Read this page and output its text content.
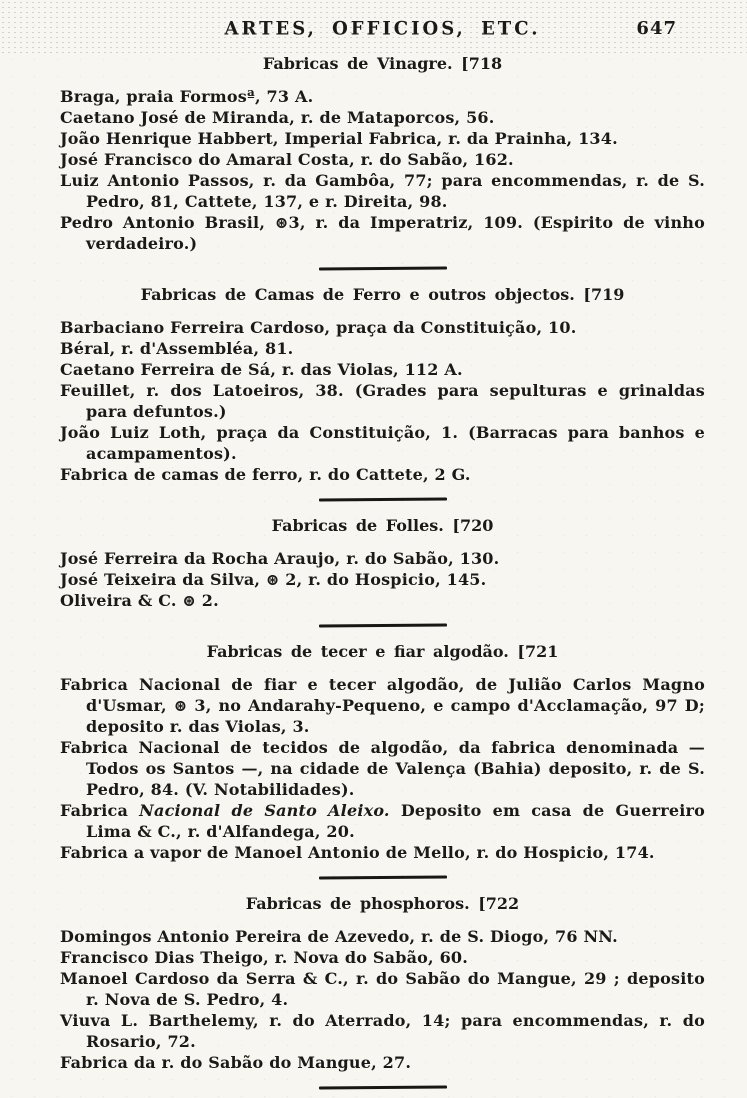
ARTES, OFFICIOS, ETC.	647
Fabricas de Vinagre. [718

Braga, praia Formosª, 73 A.

Caetano José de Miranda, r. de Mataporcos, 56.

João Henrique Habbert, Imperial Fabrica, r. da Prainha, 134.

José Francisco do Amaral Costa, r. do Sabão, 162.

Luiz Antonio Passos, r. da Gambôa, 77; para encommendas, r. de S. Pedro, 81, Cattete, 137, e r. Direita, 98.

Pedro Antonio Brasil, ⊛3, r. da Imperatriz, 109. (Espirito de vinho verdadeiro.)

Fabricas de Camas de Ferro e outros objectos. [719

Barbaciano Ferreira Cardoso, praça da Constituição, 10.

Béral, r. d'Assembléa, 81.

Caetano Ferreira de Sá, r. das Violas, 112 A.

Feuillet, r. dos Latoeiros, 38. (Grades para sepulturas e grinaldas para defuntos.)

João Luiz Loth, praça da Constituição, 1. (Barracas para banhos e acampamentos).

Fabrica de camas de ferro, r. do Cattete, 2 G.

Fabricas de Folles. [720

José Ferreira da Rocha Araujo, r. do Sabão, 130.

José Teixeira da Silva, ⊛ 2, r. do Hospicio, 145.

Oliveira & C. ⊛ 2.

Fabricas de tecer e fiar algodão. [721

Fabrica Nacional de fiar e tecer algodão, de Julião Carlos Magno d'Usmar, ⊛ 3, no Andarahy-Pequeno, e campo d'Acclamação, 97 D; deposito r. das Violas, 3.

Fabrica Nacional de tecidos de algodão, da fabrica denominada — Todos os Santos —, na cidade de Valença (Bahia) deposito, r. de S. Pedro, 84. (V. Notabilidades).

Fabrica Nacional de Santo Aleixo. Deposito em casa de Guerreiro Lima & C., r. d'Alfandega, 20.

Fabrica a vapor de Manoel Antonio de Mello, r. do Hospicio, 174.

Fabricas de phosphoros. [722

Domingos Antonio Pereira de Azevedo, r. de S. Diogo, 76 NN.

Francisco Dias Theigo, r. Nova do Sabão, 60.

Manoel Cardoso da Serra & C., r. do Sabão do Mangue, 29 ; deposito r. Nova de S. Pedro, 4.

Viuva L. Barthelemy, r. do Aterrado, 14; para encommendas, r. do Rosario, 72.

Fabrica da r. do Sabão do Mangue, 27.
